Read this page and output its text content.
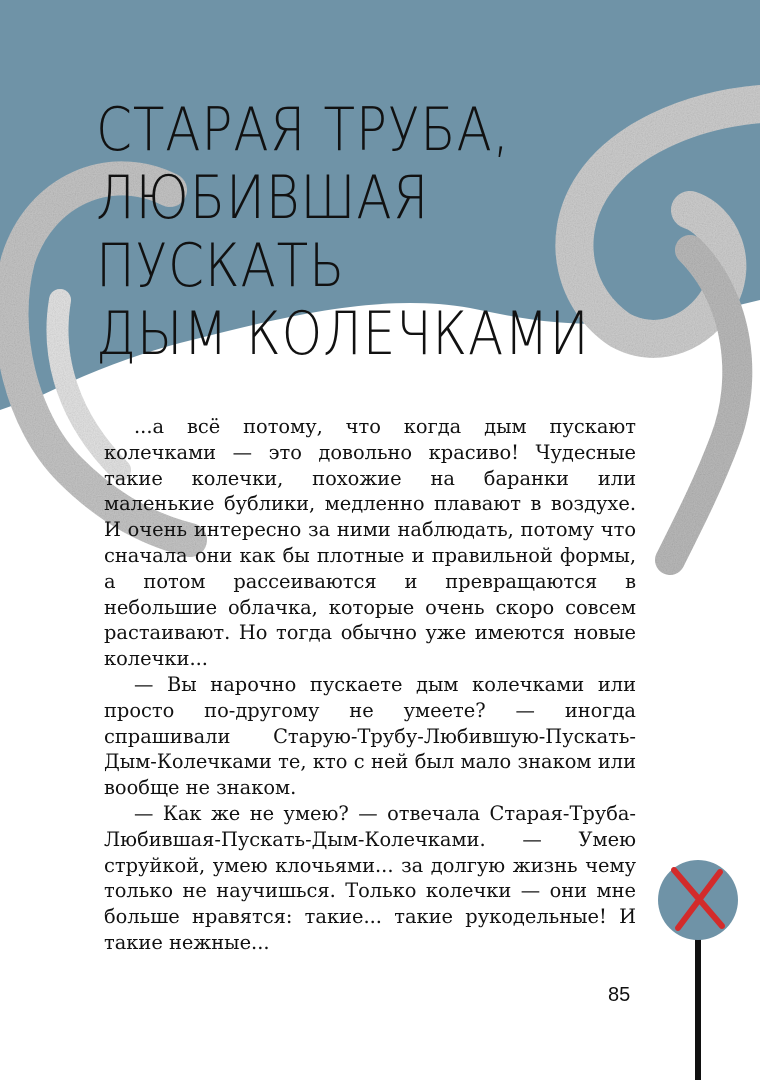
СТАРАЯ ТРУБА,
ЛЮБИВШАЯ
ПУСКАТЬ
ДЫМ КОЛЕЧКАМИ

...а всё потому, что когда дым пускают колечками — это довольно красиво! Чудесные такие колечки, похожие на баранки или маленькие бублики, медленно плавают в воздухе. И очень интересно за ними наблюдать, потому что сначала они как бы плотные и правильной формы, а потом рассеиваются и превращаются в небольшие облачка, которые очень скоро совсем растаивают. Но тогда обычно уже имеются новые колечки...

— Вы нарочно пускаете дым колечками или просто по-другому не умеете? — иногда спрашивали Старую-Трубу-Любившую-Пускать-Дым-Колечками те, кто с ней был мало знаком или вообще не знаком.

— Как же не умею? — отвечала Старая-Труба-Любившая-Пускать-Дым-Колечками. — Умею струйкой, умею клочьями... за долгую жизнь чему только не научишься. Только колечки — они мне больше нравятся: такие... такие рукодельные! И такие нежные...

85
